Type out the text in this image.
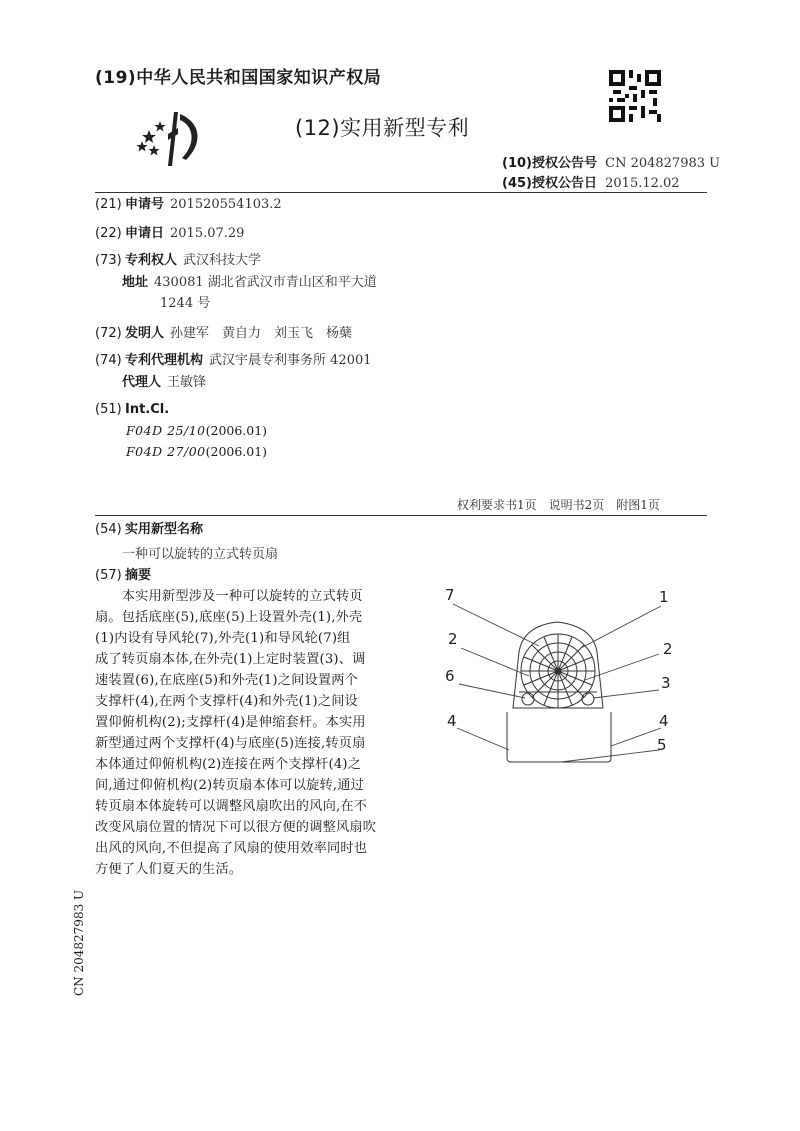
(19)中华人民共和国国家知识产权局
(12)实用新型专利
(10)授权公告号 CN 204827983 U
(45)授权公告日 2015.12.02
(21) 申请号 201520554103.2
(22) 申请日 2015.07.29
(73) 专利权人 武汉科技大学
地址 430081 湖北省武汉市青山区和平大道
1244 号
(72) 发明人 孙建军　黄自力　刘玉飞　杨蘖
(74) 专利代理机构 武汉宇晨专利事务所 42001
代理人 王敏锋
(51) Int.Cl.
F04D 25/10(2006.01)
F04D 27/00(2006.01)
权利要求书1页　说明书2页　附图1页
(54) 实用新型名称
一种可以旋转的立式转页扇
(57) 摘要
　　本实用新型涉及一种可以旋转的立式转页
扇。包括底座(5),底座(5)上设置外壳(1),外壳
(1)内设有导风轮(7),外壳(1)和导风轮(7)组
成了转页扇本体,在外壳(1)上定时装置(3)、调
速装置(6),在底座(5)和外壳(1)之间设置两个
支撑杆(4),在两个支撑杆(4)和外壳(1)之间设
置仰俯机构(2);支撑杆(4)是伸缩套杆。本实用
新型通过两个支撑杆(4)与底座(5)连接,转页扇
本体通过仰俯机构(2)连接在两个支撑杆(4)之
间,通过仰俯机构(2)转页扇本体可以旋转,通过
转页扇本体旋转可以调整风扇吹出的风向,在不
改变风扇位置的情况下可以很方便的调整风扇吹
出风的风向,不但提高了风扇的使用效率同时也
方便了人们夏天的生活。
7	1
2
2
6	3
4	4
5
CN 204827983 U
